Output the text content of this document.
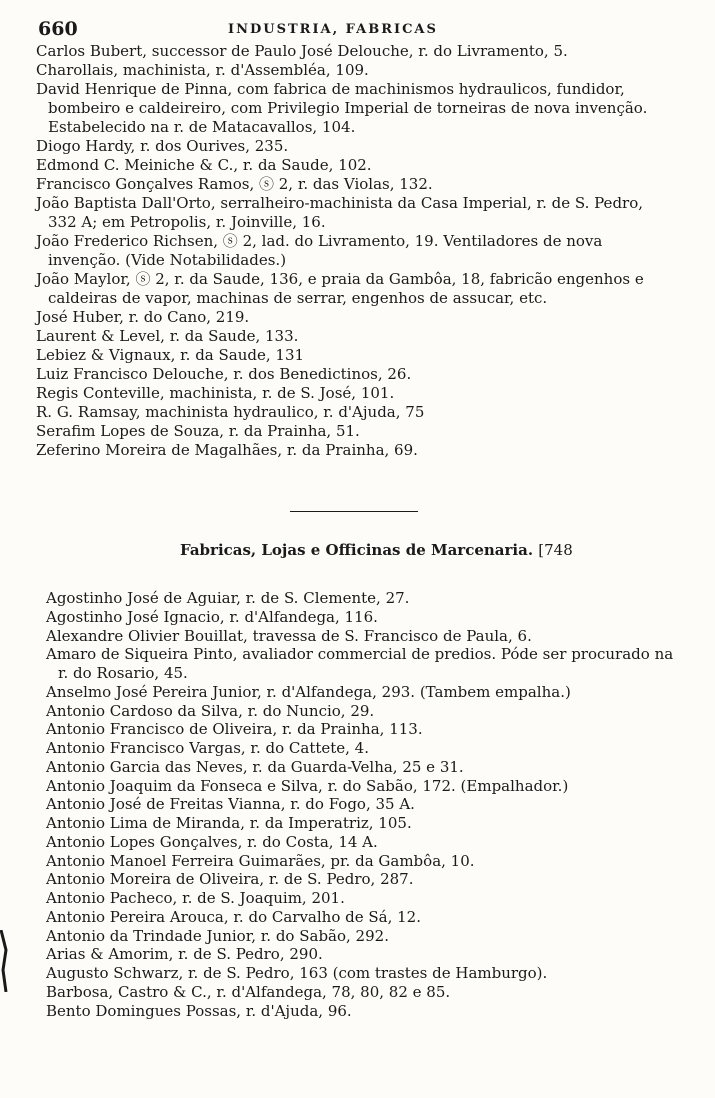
660	INDUSTRIA, FABRICAS

Carlos Bubert, successor de Paulo José Delouche, r. do Livramento, 5.

Charollais, machinista, r. d'Assembléa, 109.

David Henrique de Pinna, com fabrica de machinismos hydraulicos, fundidor, bombeiro e caldeireiro, com Privilegio Imperial de torneiras de nova invenção. Estabelecido na r. de Matacavallos, 104.

Diogo Hardy, r. dos Ourives, 235.

Edmond C. Meiniche & C., r. da Saude, 102.

Francisco Gonçalves Ramos, ⓢ 2, r. das Violas, 132.

João Baptista Dall'Orto, serralheiro-machinista da Casa Imperial, r. de S. Pedro, 332 A; em Petropolis, r. Joinville, 16.

João Frederico Richsen, ⓢ 2, lad. do Livramento, 19. Ventiladores de nova invenção. (Vide Notabilidades.)

João Maylor, ⓢ 2, r. da Saude, 136, e praia da Gambôa, 18, fabricão engenhos e caldeiras de vapor, machinas de serrar, engenhos de assucar, etc.

José Huber, r. do Cano, 219.

Laurent & Level, r. da Saude, 133.

Lebiez & Vignaux, r. da Saude, 131

Luiz Francisco Delouche, r. dos Benedictinos, 26.

Regis Conteville, machinista, r. de S. José, 101.

R. G. Ramsay, machinista hydraulico, r. d'Ajuda, 75

Serafim Lopes de Souza, r. da Prainha, 51.

Zeferino Moreira de Magalhães, r. da Prainha, 69.

Fabricas, Lojas e Officinas de Marcenaria. [748

Agostinho José de Aguiar, r. de S. Clemente, 27.

Agostinho José Ignacio, r. d'Alfandega, 116.

Alexandre Olivier Bouillat, travessa de S. Francisco de Paula, 6.

Amaro de Siqueira Pinto, avaliador commercial de predios. Póde ser procurado na r. do Rosario, 45.

Anselmo José Pereira Junior, r. d'Alfandega, 293. (Tambem empalha.)

Antonio Cardoso da Silva, r. do Nuncio, 29.

Antonio Francisco de Oliveira, r. da Prainha, 113.

Antonio Francisco Vargas, r. do Cattete, 4.

Antonio Garcia das Neves, r. da Guarda-Velha, 25 e 31.

Antonio Joaquim da Fonseca e Silva, r. do Sabão, 172. (Empalhador.)

Antonio José de Freitas Vianna, r. do Fogo, 35 A.

Antonio Lima de Miranda, r. da Imperatriz, 105.

Antonio Lopes Gonçalves, r. do Costa, 14 A.

Antonio Manoel Ferreira Guimarães, pr. da Gambôa, 10.

Antonio Moreira de Oliveira, r. de S. Pedro, 287.

Antonio Pacheco, r. de S. Joaquim, 201.

Antonio Pereira Arouca, r. do Carvalho de Sá, 12.

Antonio da Trindade Junior, r. do Sabão, 292.

Arias & Amorim, r. de S. Pedro, 290.

Augusto Schwarz, r. de S. Pedro, 163 (com trastes de Hamburgo).

Barbosa, Castro & C., r. d'Alfandega, 78, 80, 82 e 85.

Bento Domingues Possas, r. d'Ajuda, 96.
